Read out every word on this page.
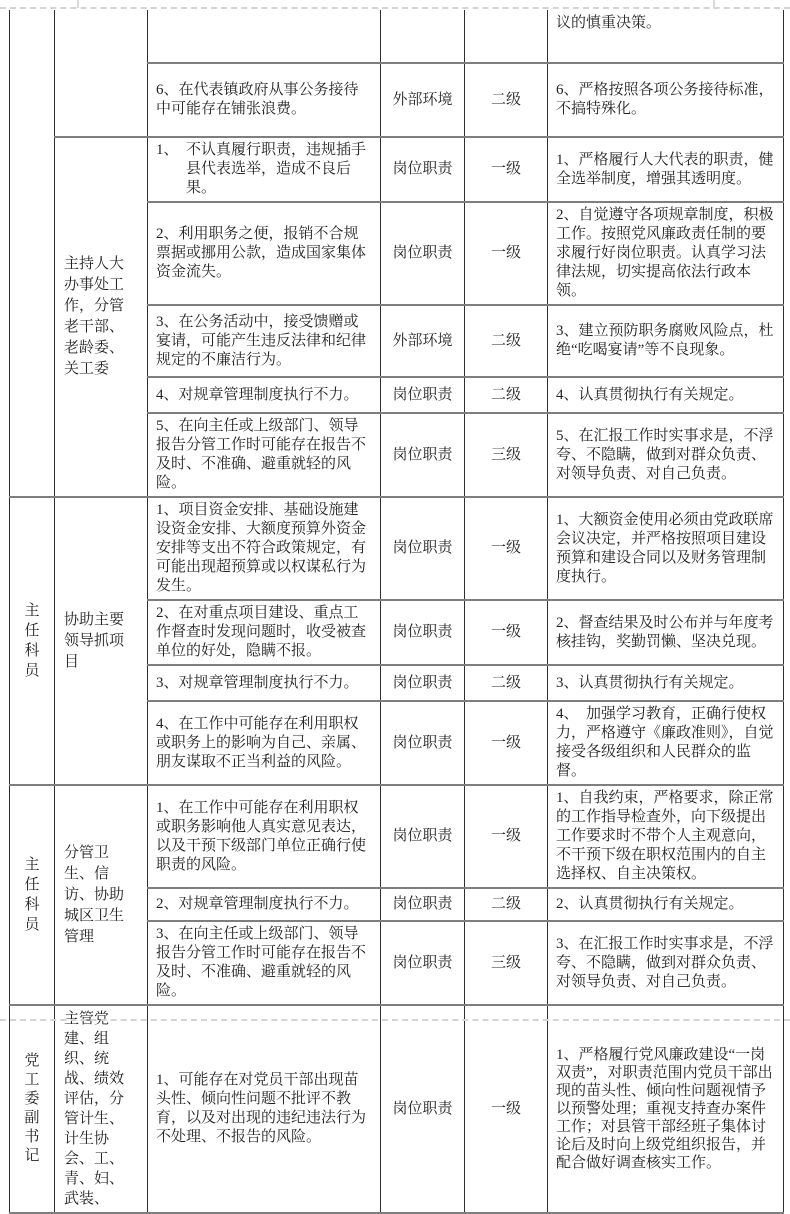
					议的慎重决策。
		6、在代表镇政府从事公务接待中可能存在铺张浪费。	外部环境	二级	6、严格按照各项公务接待标准，不搞特殊化。
	主持人大办事处工作，分管老干部、老龄委、关工委	1、　不认真履行职责，违规插手县代表选举，造成不良后果。	岗位职责	一级	1、严格履行人大代表的职责，健全选举制度，增强其透明度。
		2、利用职务之便，报销不合规票据或挪用公款，造成国家集体资金流失。	岗位职责	一级	2、自觉遵守各项规章制度，积极工作。按照党风廉政责任制的要求履行好岗位职责。认真学习法律法规，切实提高依法行政本领。
		3、在公务活动中，接受馈赠或宴请，可能产生违反法律和纪律规定的不廉洁行为。	外部环境	二级	3、建立预防职务腐败风险点，杜绝“吃喝宴请”等不良现象。
		4、对规章管理制度执行不力。	岗位职责	二级	4、认真贯彻执行有关规定。
		5、在向主任或上级部门、领导报告分管工作时可能存在报告不及时、不准确、避重就轻的风险。	岗位职责	三级	5、在汇报工作时实事求是，不浮夸、不隐瞒，做到对群众负责、对领导负责、对自己负责。

主任科员	协助主要领导抓项目	1、项目资金安排、基础设施建设资金安排、大额度预算外资金安排等支出不符合政策规定，有可能出现超预算或以权谋私行为发生。	岗位职责	一级	1、大额资金使用必须由党政联席会议决定，并严格按照项目建设预算和建设合同以及财务管理制度执行。
		2、在对重点项目建设、重点工作督查时发现问题时，收受被查单位的好处，隐瞒不报。	岗位职责	一级	2、督查结果及时公布并与年度考核挂钩，奖勤罚懒、坚决兑现。
		3、对规章管理制度执行不力。	岗位职责	二级	3、认真贯彻执行有关规定。
		4、在工作中可能存在利用职权或职务上的影响为自己、亲属、朋友谋取不正当利益的风险。	岗位职责	一级	4、　加强学习教育，正确行使权力，严格遵守《廉政准则》，自觉接受各级组织和人民群众的监督。

主任科员	分管卫生、信访、协助城区卫生管理	1、在工作中可能存在利用职权或职务影响他人真实意见表达，以及干预下级部门单位正确行使职责的风险。	岗位职责	一级	1、自我约束，严格要求，除正常的工作指导检查外，向下级提出工作要求时不带个人主观意向，不干预下级在职权范围内的自主选择权、自主决策权。
		2、对规章管理制度执行不力。	岗位职责	二级	2、认真贯彻执行有关规定。
		3、在向主任或上级部门、领导报告分管工作时可能存在报告不及时、不准确、避重就轻的风险。	岗位职责	三级	3、在汇报工作时实事求是，不浮夸、不隐瞒，做到对群众负责、对领导负责、对自己负责。

党工委副书记	主管党建、组织、统战、绩效评估，分管计生、计生协会、工、青、妇、武装、	1、可能存在对党员干部出现苗头性、倾向性问题不批评不教育，以及对出现的违纪违法行为不处理、不报告的风险。	岗位职责	一级	1、严格履行党风廉政建设“一岗双责”，对职责范围内党员干部出现的苗头性、倾向性问题视情予以预警处理；重视支持查办案件工作；对县管干部经班子集体讨论后及时向上级党组织报告，并配合做好调查核实工作。
